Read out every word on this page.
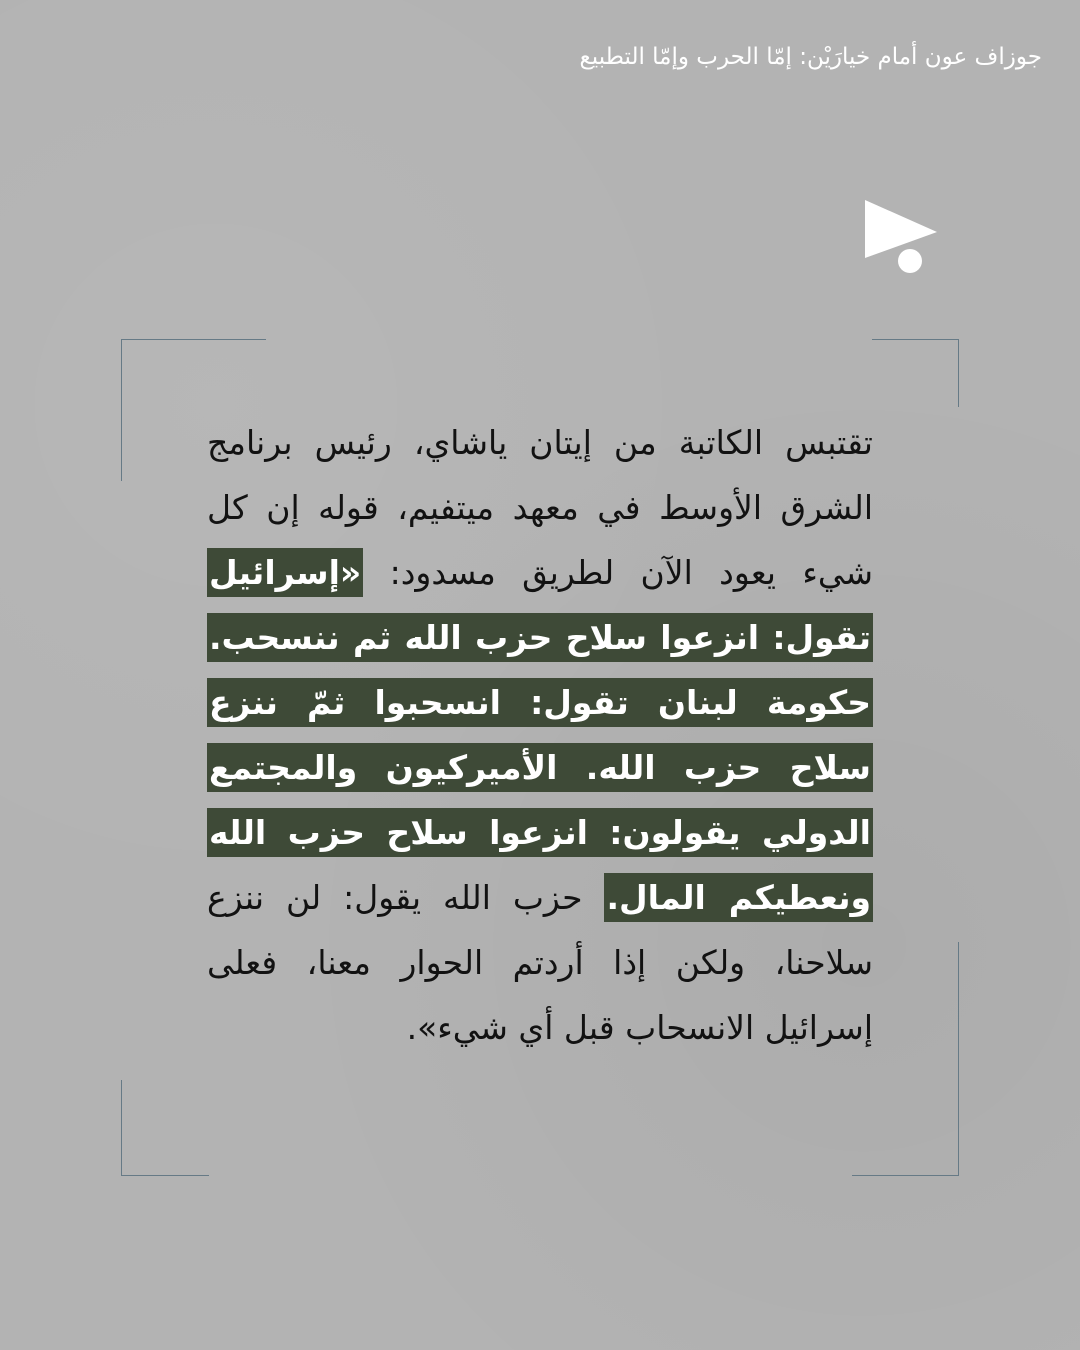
جوزاف عون أمام خيارَيْن: إمّا الحرب وإمّا التطبيع

تقتبس الكاتبة من إيتان ياشاي، رئيس برنامج الشرق الأوسط في معهد ميتفيم، قوله إن كل شيء يعود الآن لطريق مسدود: «إسرائيل تقول: انزعوا سلاح حزب الله ثم ننسحب. حكومة لبنان تقول: انسحبوا ثمّ ننزع سلاح حزب الله. الأميركيون والمجتمع الدولي يقولون: انزعوا سلاح حزب الله ونعطيكم المال. حزب الله يقول: لن ننزع سلاحنا، ولكن إذا أردتم الحوار معنا، فعلى إسرائيل الانسحاب قبل أي شيء».
